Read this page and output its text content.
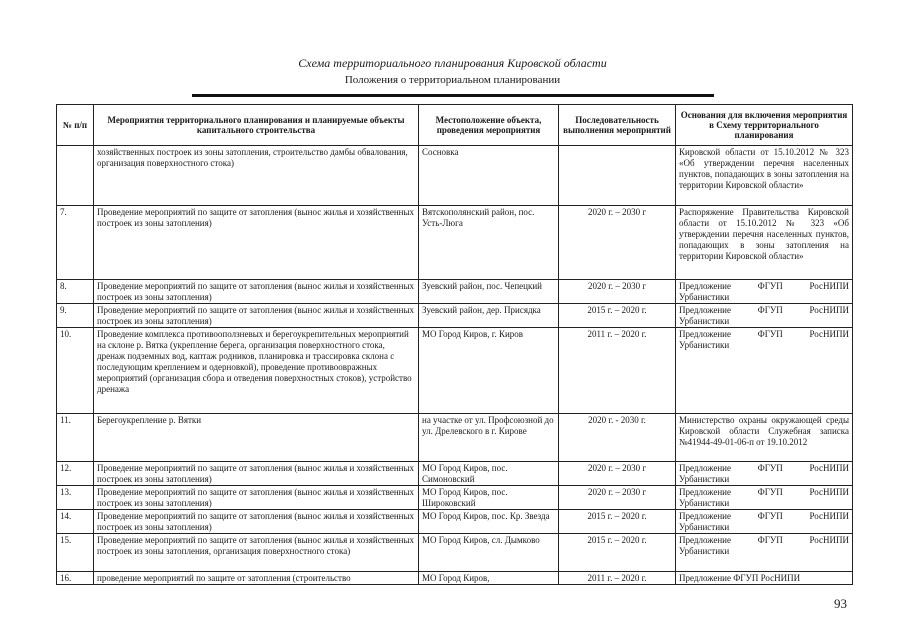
Схема территориального планирования Кировской области
Положения о территориальном планировании
№ п/п	Мероприятия территориального планирования и планируемые объекты капитального строительства	Местоположение объекта, проведения мероприятия	Последовательность выполнения мероприятий	Основания для включения мероприятия в Схему территориального планирования
	хозяйственных построек из зоны затопления, строительство дамбы обвалования, организация поверхностного стока)	Сосновка		Кировской области от 15.10.2012 № 323 «Об утверждении перечня населенных пунктов, попадающих в зоны затопления на территории Кировской области»
7.	Проведение мероприятий по защите от затопления (вынос жилья и хозяйственных построек из зоны затопления)	Вятскополянский район, пос. Усть-Люга	2020 г. – 2030 г	Распоряжение Правительства Кировской области от 15.10.2012 № 323 «Об утверждении перечня населенных пунктов, попадающих в зоны затопления на территории Кировской области»
8.	Проведение мероприятий по защите от затопления (вынос жилья и хозяйственных построек из зоны затопления)	Зуевский район, пос. Чепецкий	2020 г. – 2030 г	Предложение ФГУП РосНИПИ Урбанистики
9.	Проведение мероприятий по защите от затопления (вынос жилья и хозяйственных построек из зоны затопления)	Зуевский район, дер. Присядка	2015 г. – 2020 г.	Предложение ФГУП РосНИПИ Урбанистики
10.	Проведение комплекса противооползневых и берегоукрепительных мероприятий на склоне р. Вятка (укрепление берега, организация поверхностного стока, дренаж подземных вод, каптаж родников, планировка и трассировка склона с последующим креплением и одерновкой), проведение противоовражных мероприятий (организация сбора и отведения поверхностных стоков), устройство дренажа	МО Город Киров, г. Киров	2011 г. – 2020 г.	Предложение ФГУП РосНИПИ Урбанистики
11.	Берегоукрепление р. Вятки	на участке от ул. Профсоюзной до ул. Дрелевского в г. Кирове	2020 г. - 2030 г.	Министерство охраны окружающей среды Кировской области Служебная записка №41944-49-01-06-п от 19.10.2012
12.	Проведение мероприятий по защите от затопления (вынос жилья и хозяйственных построек из зоны затопления)	МО Город Киров, пос. Симоновский	2020 г. – 2030 г	Предложение ФГУП РосНИПИ Урбанистики
13.	Проведение мероприятий по защите от затопления (вынос жилья и хозяйственных построек из зоны затопления)	МО Город Киров, пос. Широковский	2020 г. – 2030 г	Предложение ФГУП РосНИПИ Урбанистики
14.	Проведение мероприятий по защите от затопления (вынос жилья и хозяйственных построек из зоны затопления)	МО Город Киров, пос. Кр. Звезда	2015 г. – 2020 г.	Предложение ФГУП РосНИПИ Урбанистики
15.	Проведение мероприятий по защите от затопления (вынос жилья и хозяйственных построек из зоны затопления, организация поверхностного стока)	МО Город Киров, сл. Дымково	2015 г. – 2020 г.	Предложение ФГУП РосНИПИ Урбанистики
16.	проведение мероприятий по защите от затопления (строительство	МО Город Киров,	2011 г. – 2020 г.	Предложение ФГУП РосНИПИ
93
